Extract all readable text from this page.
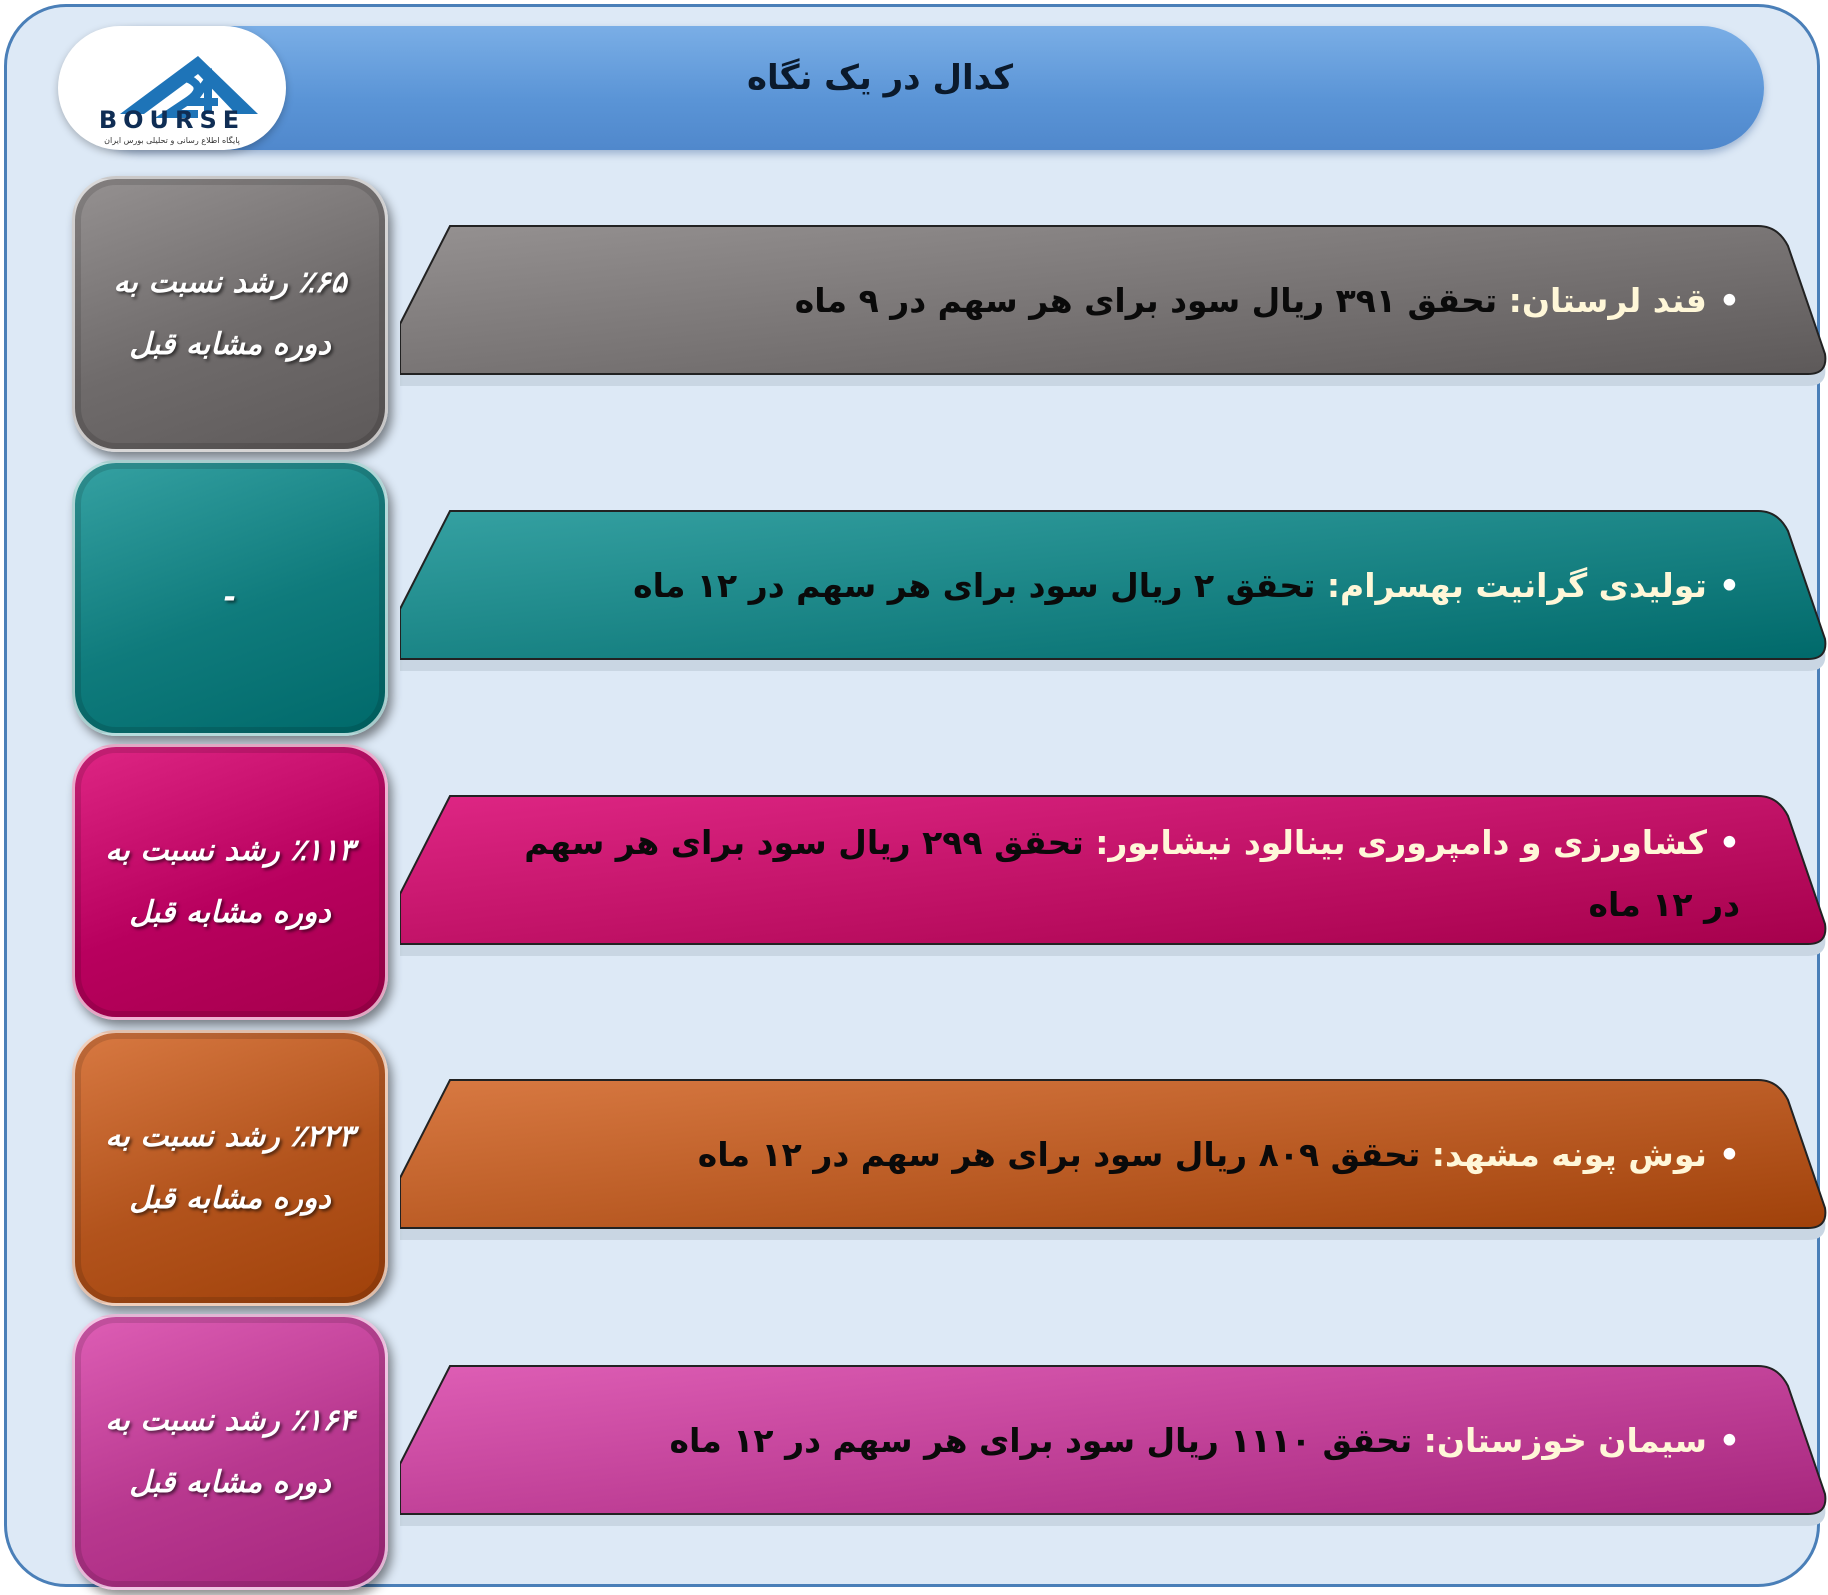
کدال در یک نگاه
BOURSE
پایگاه اطلاع رسانی و تحلیلی بورس ایران
•قند لرستان: تحقق ۳۹۱ ریال سود برای هر سهم در ۹ ماه
٪۶۵ رشد نسبت به
دوره مشابه قبل
•تولیدی گرانیت بهسرام: تحقق ۲ ریال سود برای هر سهم در ۱۲ ماه
-
•کشاورزی و دامپروری بینالود نیشابور: تحقق ۲۹۹ ریال سود برای هر سهم
در ۱۲ ماه
٪۱۱۳ رشد نسبت به
دوره مشابه قبل
•نوش پونه مشهد: تحقق ۸۰۹ ریال سود برای هر سهم در ۱۲ ماه
٪۲۲۳ رشد نسبت به
دوره مشابه قبل
•سیمان خوزستان: تحقق ۱۱۱۰ ریال سود برای هر سهم در ۱۲ ماه
٪۱۶۴ رشد نسبت به
دوره مشابه قبل
